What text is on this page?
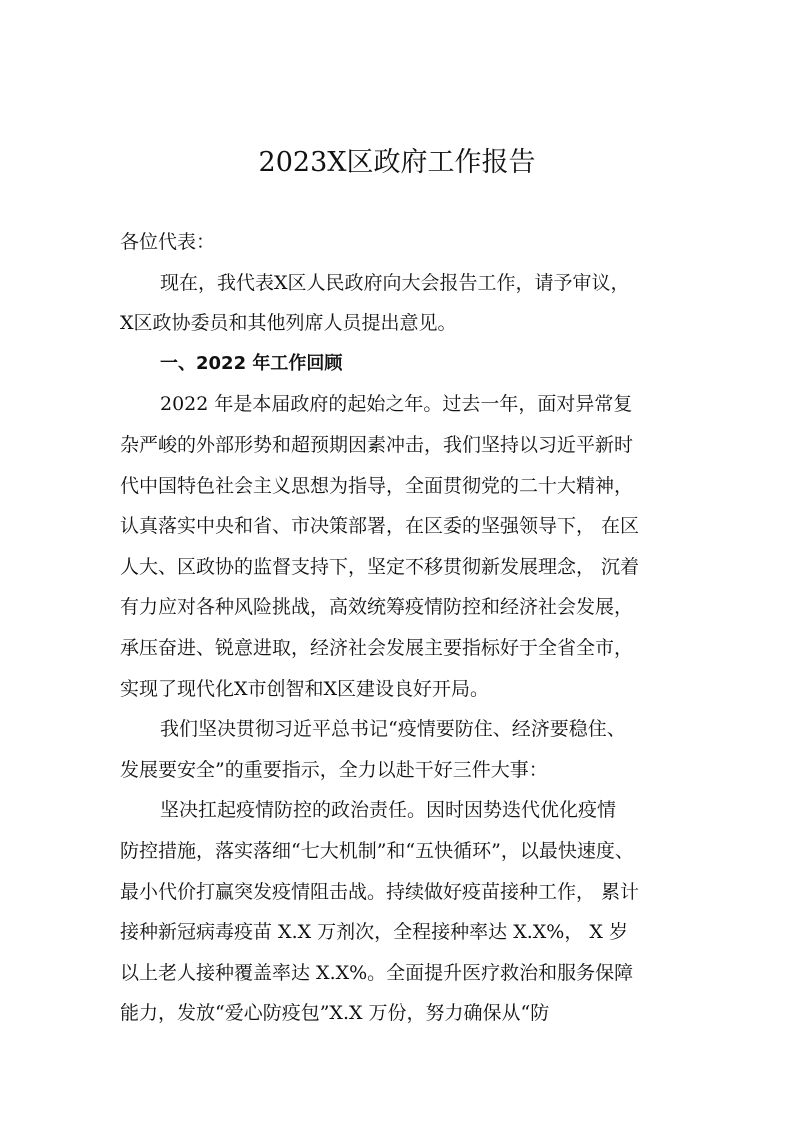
2023X区政府工作报告
各位代表：
现在，我代表X区人民政府向大会报告工作，请予审议，
X区政协委员和其他列席人员提出意见。
一、2022 年工作回顾
2022 年是本届政府的起始之年。过去一年，面对异常复
杂严峻的外部形势和超预期因素冲击，我们坚持以习近平新时
代中国特色社会主义思想为指导，全面贯彻党的二十大精神，
认真落实中央和省、市决策部署，在区委的坚强领导下， 在区
人大、区政协的监督支持下，坚定不移贯彻新发展理念， 沉着
有力应对各种风险挑战，高效统筹疫情防控和经济社会发展，
承压奋进、锐意进取，经济社会发展主要指标好于全省全市，
实现了现代化X市创智和X区建设良好开局。
我们坚决贯彻习近平总书记“疫情要防住、经济要稳住、
发展要安全”的重要指示，全力以赴干好三件大事：
坚决扛起疫情防控的政治责任。因时因势迭代优化疫情
防控措施，落实落细“七大机制”和“五快循环”，以最快速度、
最小代价打赢突发疫情阻击战。持续做好疫苗接种工作， 累计
接种新冠病毒疫苗 X.X 万剂次，全程接种率达 X.X%， X 岁
以上老人接种覆盖率达 X.X%。全面提升医疗救治和服务保障
能力，发放“爱心防疫包”X.X 万份，努力确保从“防
